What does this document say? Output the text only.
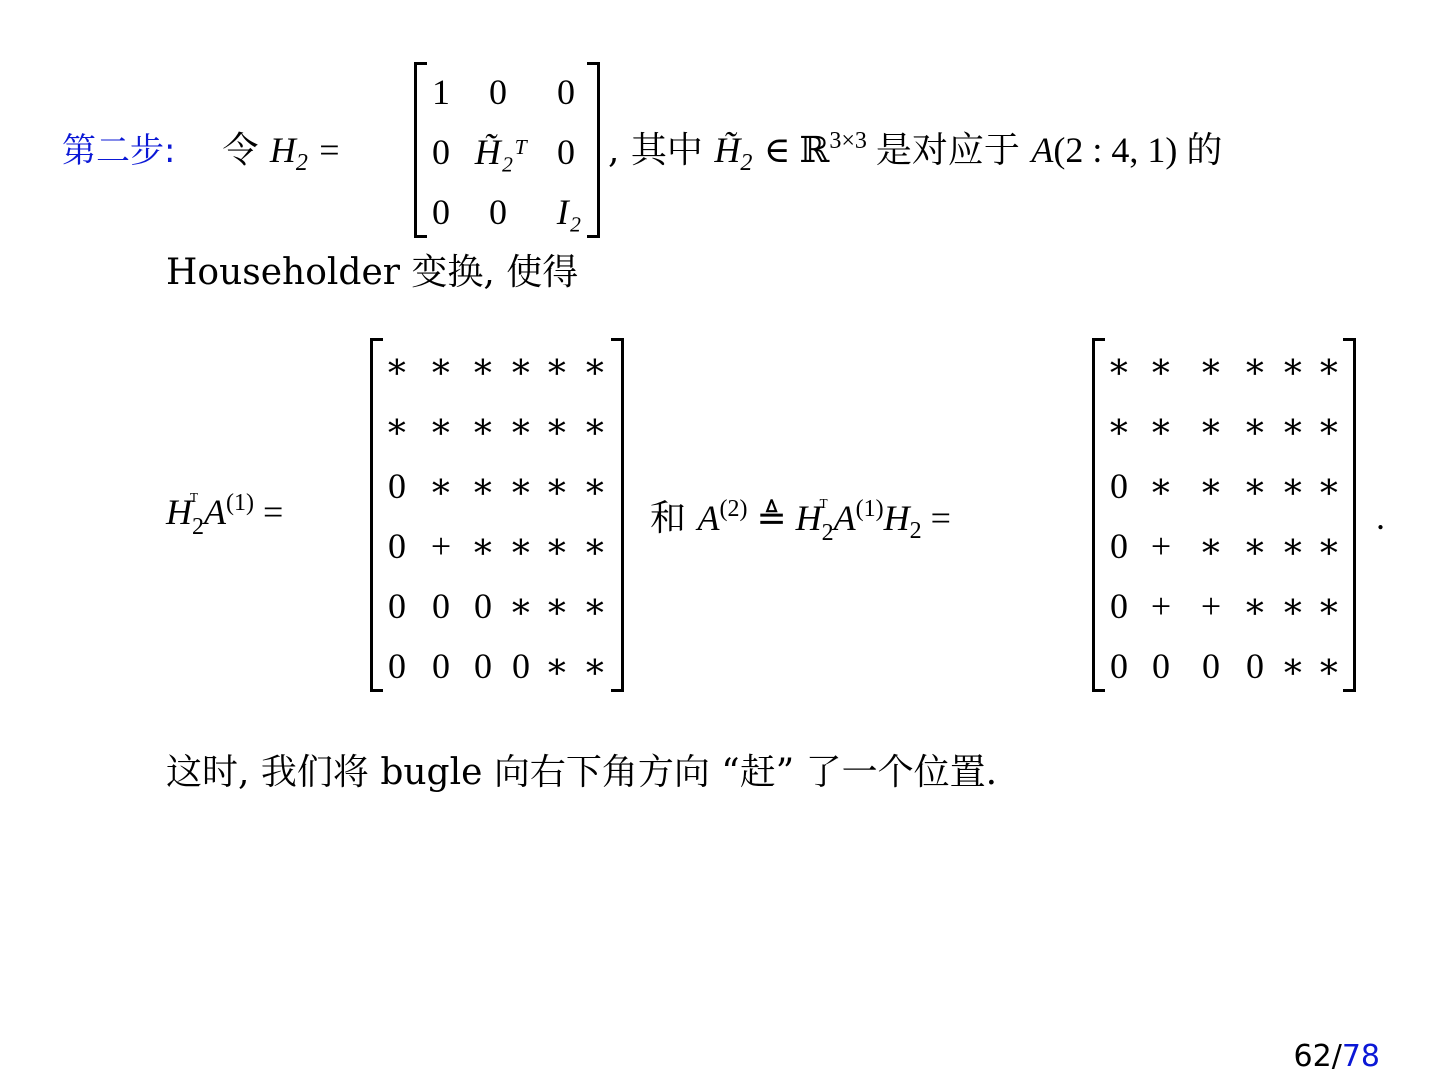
第二步: 令 $H_2$ =
1	0	0
0 H̃₂ᵀ 0
0	0	I₂
, 其中 $H̃_2$ ∈ ℝ$^{3\times 3}$ 是对应于 A(2 : 4, 1) 的
Householder 变换, 使得
$H_2^ᵀ$ $A^{(1)}$ =
∗ ∗ ∗ ∗ ∗ ∗
∗ ∗ ∗ ∗ ∗ ∗
0 ∗ ∗ ∗ ∗ ∗
0 + ∗ ∗ ∗ ∗
0 0 0 ∗ ∗ ∗
0 0 0 0 ∗ ∗
和 $A^{(2)}$ ≜ $H_2^ᵀ$ $A^{(1)}H_2$ =
∗ ∗ ∗ ∗ ∗ ∗
∗ ∗ ∗ ∗ ∗ ∗
0 ∗ ∗ ∗ ∗ ∗
0 + ∗ ∗ ∗ ∗
0 + + ∗ ∗ ∗
0 0 0 0 ∗ ∗
.
这时, 我们将 bugle 向右下角方向 “赶” 了一个位置.
62/78
